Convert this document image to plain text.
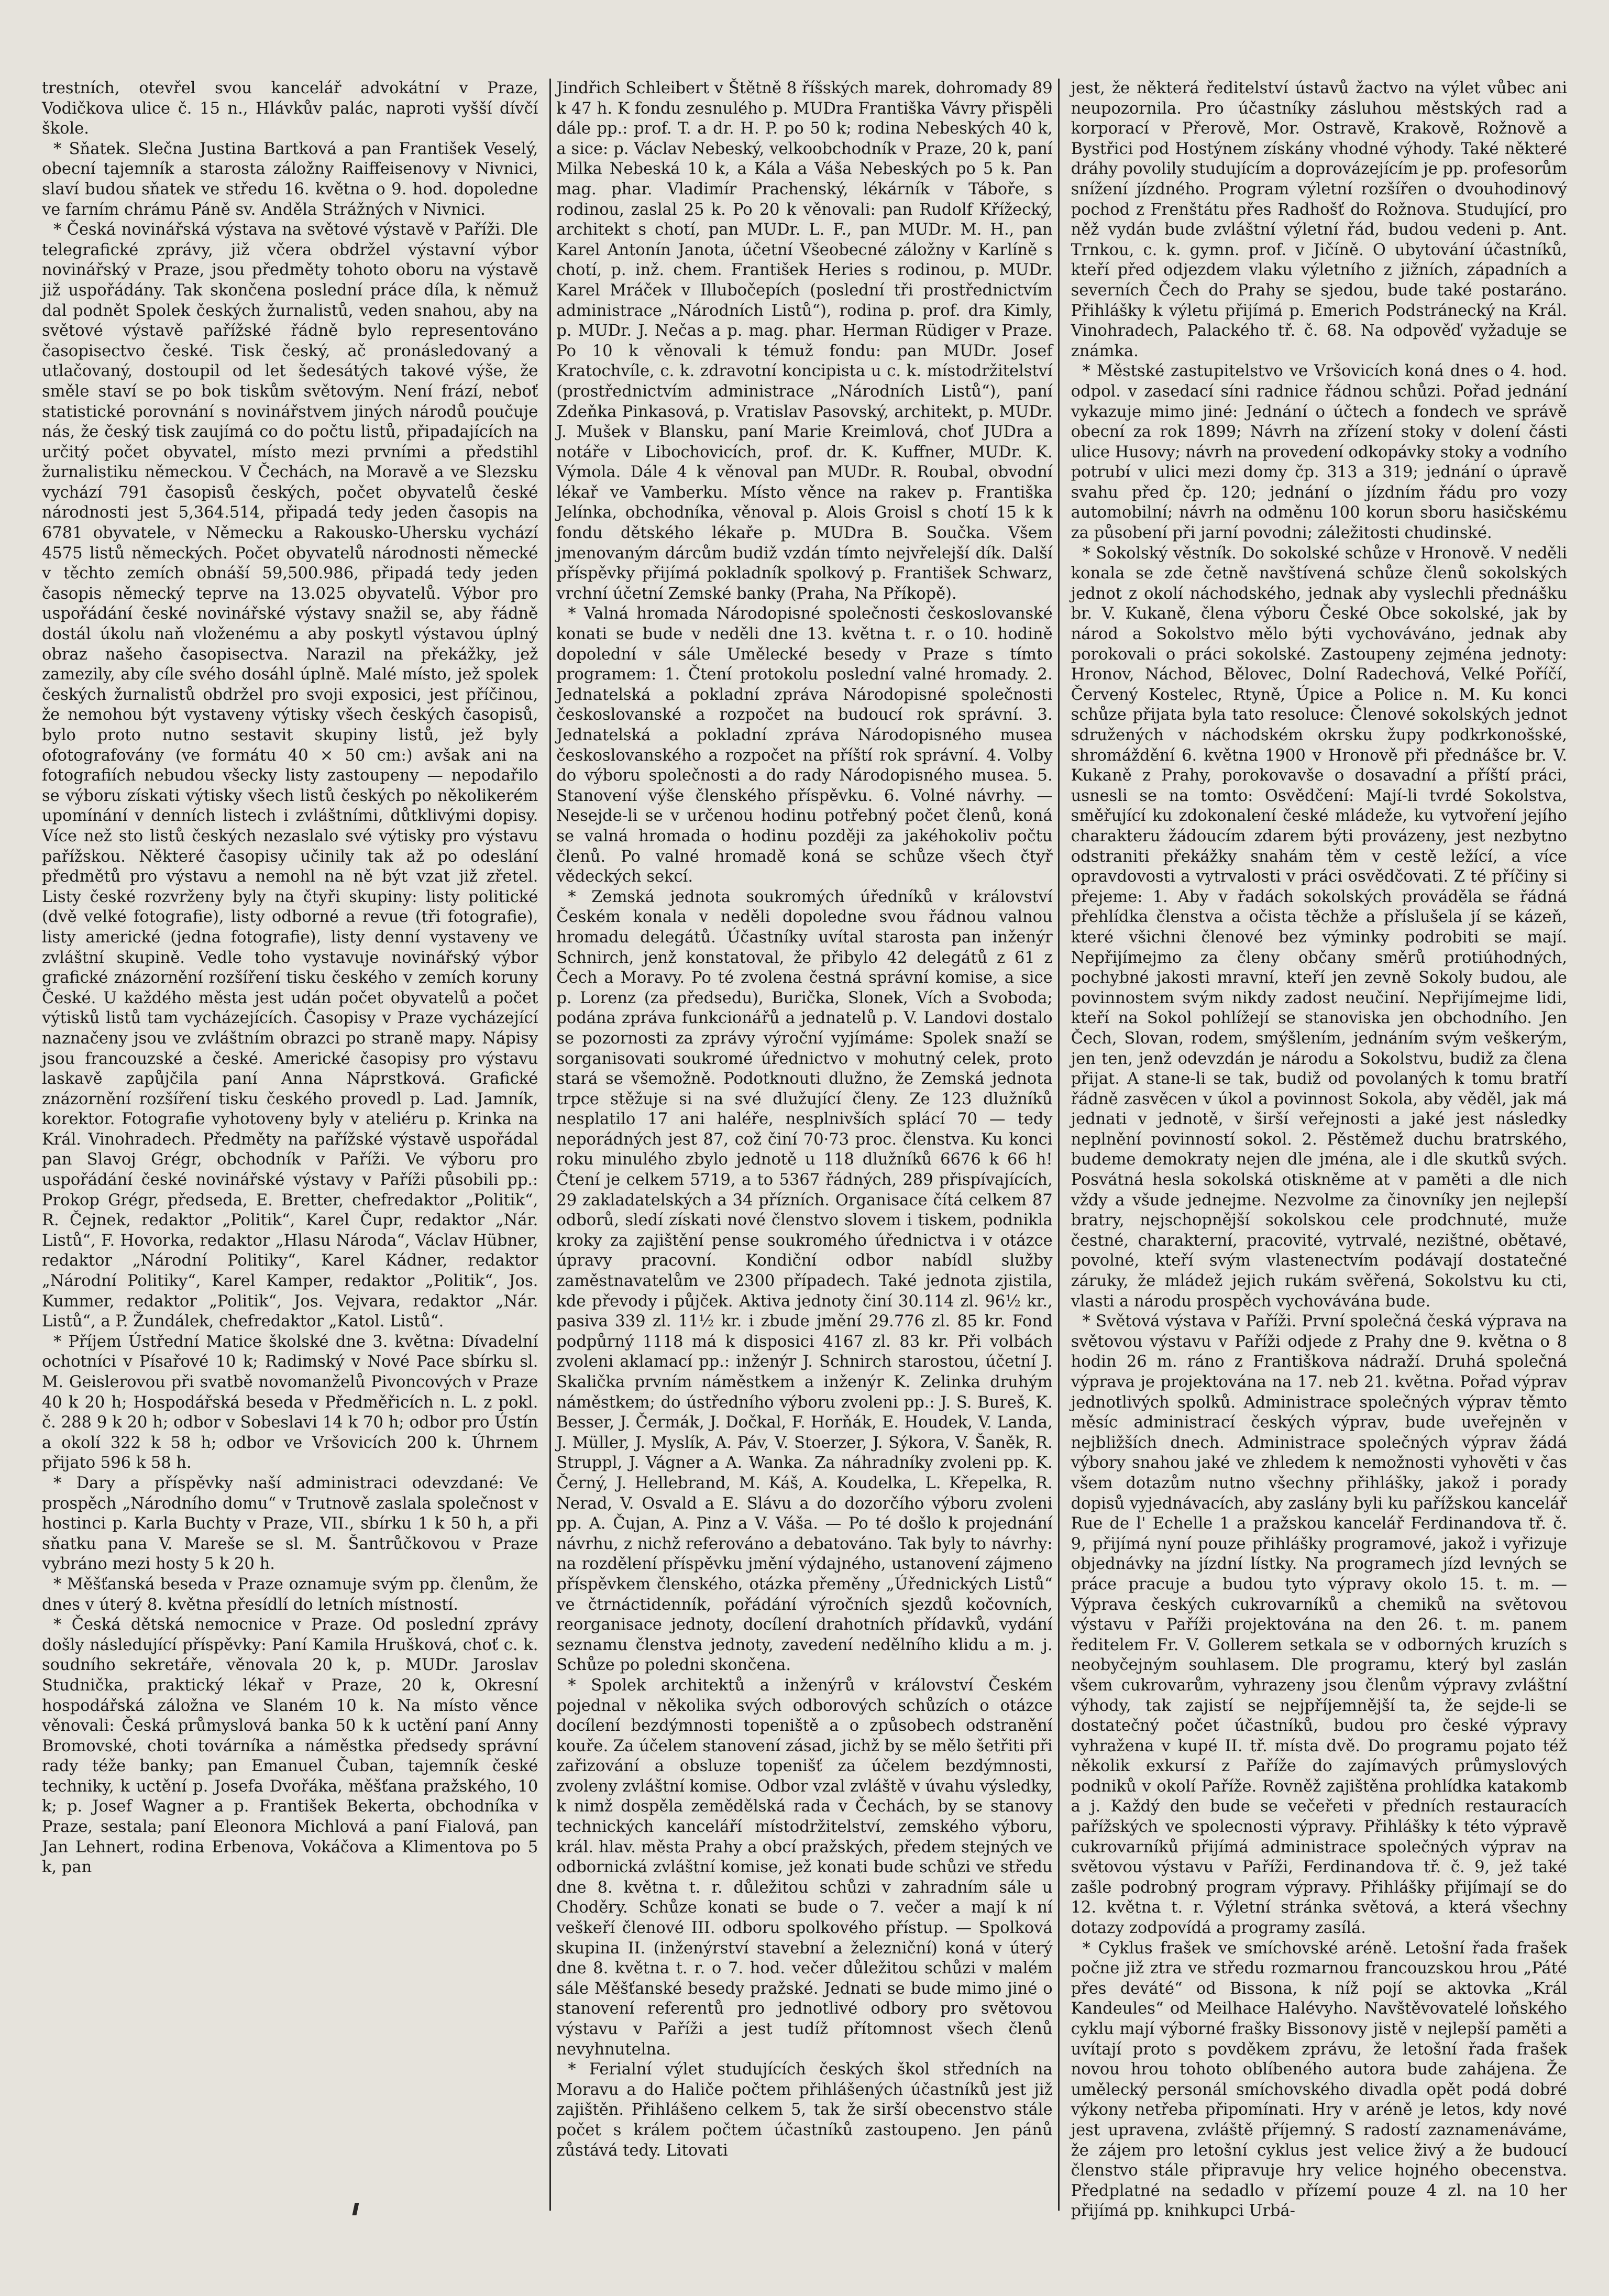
trestních, otevřel svou kancelář advokátní v Praze, Vodičkova ulice č. 15 n., Hlávkův palác, naproti vyšší dívčí škole.

* Sňatek. Slečna Justina Bartková a pan František Veselý, obecní tajemník a starosta záložny Raiffeisenovy v Nivnici, slaví budou sňatek ve středu 16. května o 9. hod. dopoledne ve farním chrámu Páně sv. Anděla Strážných v Nivnici.

* Česká novinářská výstava na světové výstavě v Paříži. Dle telegrafické zprávy, již včera obdržel výstavní výbor novinářský v Praze, jsou předměty tohoto oboru na výstavě již uspořádány. Tak skončena poslední práce díla, k němuž dal podnět Spolek českých žurnalistů, veden snahou, aby na světové výstavě pařížské řádně bylo representováno časopisectvo české. Tisk český, ač pronásledovaný a utlačovaný, dostoupil od let šedesátých takové výše, že směle staví se po bok tiskům světovým. Není frází, neboť statistické porovnání s novinářstvem jiných národů poučuje nás, že český tisk zaujímá co do počtu listů, připadajících na určitý počet obyvatel, místo mezi prvními a předstihl žurnalistiku německou. V Čechách, na Moravě a ve Slezsku vychází 791 časopisů českých, počet obyvatelů české národnosti jest 5,364.514, připadá tedy jeden časopis na 6781 obyvatele, v Německu a Rakousko-Uhersku vychází 4575 listů německých. Počet obyvatelů národnosti německé v těchto zemích obnáší 59,500.986, připadá tedy jeden časopis německý teprve na 13.025 obyvatelů. Výbor pro uspořádání české novinářské výstavy snažil se, aby řádně dostál úkolu naň vloženému a aby poskytl výstavou úplný obraz našeho časopisectva. Narazil na překážky, jež zamezily, aby cíle svého dosáhl úplně. Malé místo, jež spolek českých žurnalistů obdržel pro svoji exposici, jest příčinou, že nemohou být vystaveny výtisky všech českých časopisů, bylo proto nutno sestavit skupiny listů, jež byly ofotografovány (ve formátu 40 × 50 cm:) avšak ani na fotografiích nebudou všecky listy zastoupeny — nepodařilo se výboru získati výtisky všech listů českých po několikerém upomínání v denních listech i zvláštními, důtklivými dopisy. Více než sto listů českých nezaslalo své výtisky pro výstavu pařížskou. Některé časopisy učinily tak až po odeslání předmětů pro výstavu a nemohl na ně být vzat již zřetel. Listy české rozvrženy byly na čtyři skupiny: listy politické (dvě velké fotografie), listy odborné a revue (tři fotografie), listy americké (jedna fotografie), listy denní vystaveny ve zvláštní skupině. Vedle toho vystavuje novinářský výbor grafické znázornění rozšíření tisku českého v zemích koruny České. U každého města jest udán počet obyvatelů a počet výtisků listů tam vycházejících. Časopisy v Praze vycházející naznačeny jsou ve zvláštním obrazci po straně mapy. Nápisy jsou francouzské a české. Americké časopisy pro výstavu laskavě zapůjčila paní Anna Náprstková. Grafické znázornění rozšíření tisku českého provedl p. Lad. Jamník, korektor. Fotografie vyhotoveny byly v ateliéru p. Krinka na Král. Vinohradech. Předměty na pařížské výstavě uspořádal pan Slavoj Grégr, obchodník v Paříži. Ve výboru pro uspořádání české novinářské výstavy v Paříži působili pp.: Prokop Grégr, předseda, E. Bretter, chefredaktor „Politik“, R. Čejnek, redaktor „Politik“, Karel Čupr, redaktor „Nár. Listů“, F. Hovorka, redaktor „Hlasu Národa“, Václav Hübner, redaktor „Národní Politiky“, Karel Kádner, redaktor „Národní Politiky“, Karel Kamper, redaktor „Politik“, Jos. Kummer, redaktor „Politik“, Jos. Vejvara, redaktor „Nár. Listů“, a P. Žundálek, chefredaktor „Katol. Listů“.

* Příjem Ústřední Matice školské dne 3. května: Dívadelní ochotníci v Písařové 10 k; Radimský v Nové Pace sbírku sl. M. Geislerovou při svatbě novomanželů Pivoncových v Praze 40 k 20 h; Hospodářská beseda v Předměřicích n. L. z pokl. č. 288 9 k 20 h; odbor v Sobeslavi 14 k 70 h; odbor pro Ústín a okolí 322 k 58 h; odbor ve Vršovicích 200 k. Úhrnem přijato 596 k 58 h.

* Dary a příspěvky naší administraci odevzdané: Ve prospěch „Národního domu“ v Trutnově zaslala společnost v hostinci p. Karla Buchty v Praze, VII., sbírku 1 k 50 h, a při sňatku pana V. Mareše se sl. M. Šantrůčkovou v Praze vybráno mezi hosty 5 k 20 h.

* Měšťanská beseda v Praze oznamuje svým pp. členům, že dnes v úterý 8. května přesídlí do letních místností.

* Česká dětská nemocnice v Praze. Od poslední zprávy došly následující příspěvky: Paní Kamila Hrušková, choť c. k. soudního sekretáře, věnovala 20 k, p. MUDr. Jaroslav Studnička, praktický lékař v Praze, 20 k, Okresní hospodářská záložna ve Slaném 10 k. Na místo věnce věnovali: Česká průmyslová banka 50 k k uctění paní Anny Bromovské, choti továrníka a náměstka předsedy správní rady téže banky; pan Emanuel Čuban, tajemník české techniky, k uctění p. Josefa Dvořáka, měšťana pražského, 10 k; p. Josef Wagner a p. František Bekerta, obchodníka v Praze, sestala; paní Eleonora Michlová a paní Fialová, pan Jan Lehnert, rodina Erbenova, Vokáčova a Klimentova po 5 k, pan

Jindřich Schleibert v Štětně 8 říšských marek, dohromady 89 k 47 h. K fondu zesnulého p. MUDra Františka Vávry přispěli dále pp.: prof. T. a dr. H. P. po 50 k; rodina Nebeských 40 k, a sice: p. Václav Nebeský, velkoobchodník v Praze, 20 k, paní Milka Nebeská 10 k, a Kála a Váša Nebeských po 5 k. Pan mag. phar. Vladimír Prachenský, lékárník v Táboře, s rodinou, zaslal 25 k. Po 20 k věnovali: pan Rudolf Křížecký, architekt s chotí, pan MUDr. L. F., pan MUDr. M. H., pan Karel Antonín Janota, účetní Všeobecné záložny v Karlíně s chotí, p. inž. chem. František Heries s rodinou, p. MUDr. Karel Mráček v Illubočepích (poslední tři prostřednictvím administrace „Národních Listů“), rodina p. prof. dra Kimly, p. MUDr. J. Nečas a p. mag. phar. Herman Rüdiger v Praze. Po 10 k věnovali k témuž fondu: pan MUDr. Josef Kratochvíle, c. k. zdravotní koncipista u c. k. místodržitelství (prostřednictvím administrace „Národních Listů“), paní Zdeňka Pinkasová, p. Vratislav Pasovský, architekt, p. MUDr. J. Mušek v Blansku, paní Marie Kreimlová, choť JUDra a notáře v Libochovicích, prof. dr. K. Kuffner, MUDr. K. Výmola. Dále 4 k věnoval pan MUDr. R. Roubal, obvodní lékař ve Vamberku. Místo věnce na rakev p. Františka Jelínka, obchodníka, věnoval p. Alois Groisl s chotí 15 k k fondu dětského lékaře p. MUDra B. Součka. Všem jmenovaným dárcům budiž vzdán tímto nejvřelejší dík. Další příspěvky přijímá pokladník spolkový p. František Schwarz, vrchní účetní Zemské banky (Praha, Na Příkopě).

* Valná hromada Národopisné společnosti českoslovanské konati se bude v neděli dne 13. května t. r. o 10. hodině dopolední v sále Umělecké besedy v Praze s tímto programem: 1. Čtení protokolu poslední valné hromady. 2. Jednatelská a pokladní zpráva Národopisné společnosti českoslovanské a rozpočet na budoucí rok správní. 3. Jednatelská a pokladní zpráva Národopisného musea českoslovanského a rozpočet na příští rok správní. 4. Volby do výboru společnosti a do rady Národopisného musea. 5. Stanovení výše členského příspěvku. 6. Volné návrhy. — Nesejde-li se v určenou hodinu potřebný počet členů, koná se valná hromada o hodinu později za jakéhokoliv počtu členů. Po valné hromadě koná se schůze všech čtyř vědeckých sekcí.

* Zemská jednota soukromých úředníků v království Českém konala v neděli dopoledne svou řádnou valnou hromadu delegátů. Účastníky uvítal starosta pan inženýr Schnirch, jenž konstatoval, že přibylo 42 delegátů z 61 z Čech a Moravy. Po té zvolena čestná správní komise, a sice p. Lorenz (za předsedu), Burička, Slonek, Vích a Svoboda; podána zpráva funkcionářů a jednatelů p. V. Landovi dostalo se pozornosti za zprávy výroční vyjímáme: Spolek snaží se sorganisovati soukromé úřednictvo v mohutný celek, proto stará se všemožně. Podotknouti dlužno, že Zemská jednota trpce stěžuje si na své dlužující členy. Ze 123 dlužníků nesplatilo 17 ani haléře, nesplnivších splácí 70 — tedy neporádných jest 87, což činí 70·73 proc. členstva. Ku konci roku minulého zbylo jednotě u 118 dlužníků 6676 k 66 h! Čtení je celkem 5719, a to 5367 řádných, 289 přispívajících, 29 zakladatelských a 34 přízních. Organisace čítá celkem 87 odborů, sledí získati nové členstvo slovem i tiskem, podnikla kroky za zajištění pense soukromého úřednictva i v otázce úpravy pracovní. Kondiční odbor nabídl služby zaměstnavatelům ve 2300 případech. Také jednota zjistila, kde převody i půjček. Aktiva jednoty činí 30.114 zl. 96½ kr., pasiva 339 zl. 11½ kr. i zbude jmění 29.776 zl. 85 kr. Fond podpůrný 1118 má k disposici 4167 zl. 83 kr. Při volbách zvoleni aklamací pp.: inženýr J. Schnirch starostou, účetní J. Skalička prvním náměstkem a inženýr K. Zelinka druhým náměstkem; do ústředního výboru zvoleni pp.: J. S. Bureš, K. Besser, J. Čermák, J. Dočkal, F. Horňák, E. Houdek, V. Landa, J. Müller, J. Myslík, A. Páv, V. Stoerzer, J. Sýkora, V. Šaněk, R. Struppl, J. Vágner a A. Wanka. Za náhradníky zvoleni pp. K. Černý, J. Hellebrand, M. Káš, A. Koudelka, L. Křepelka, R. Nerad, V. Osvald a E. Slávu a do dozorčího výboru zvoleni pp. A. Čujan, A. Pinz a V. Váša. — Po té došlo k projednání návrhu, z nichž referováno a debatováno. Tak byly to návrhy: na rozdělení příspěvku jmění výdajného, ustanovení zájmeno příspěvkem členského, otázka přeměny „Úřednických Listů“ ve čtrnáctidenník, pořádání výročních sjezdů kočovních, reorganisace jednoty, docílení drahotních přídavků, vydání seznamu členstva jednoty, zavedení nedělního klidu a m. j. Schůze po poledni skončena.

* Spolek architektů a inženýrů v království Českém pojednal v několika svých odborových schůzích o otázce docílení bezdýmnosti topeniště a o způsobech odstranění kouře. Za účelem stanovení zásad, jichž by se mělo šetřiti při zařizování a obsluze topenišť za účelem bezdýmnosti, zvoleny zvláštní komise. Odbor vzal zvláště v úvahu výsledky, k nimž dospěla zemědělská rada v Čechách, by se stanovy technických kanceláří místodržitelství, zemského výboru, král. hlav. města Prahy a obcí pražských, předem stejných ve odbornická zvláštní komise, jež konati bude schůzi ve středu dne 8. května t. r. důležitou schůzi v zahradním sále u Choděry. Schůze konati se bude o 7. večer a mají k ní veškeří členové III. odboru spolkového přístup. — Spolková skupina II. (inženýrství stavební a železniční) koná v úterý dne 8. května t. r. o 7. hod. večer důležitou schůzi v malém sále Měšťanské besedy pražské. Jednati se bude mimo jiné o stanovení referentů pro jednotlivé odbory pro světovou výstavu v Paříži a jest tudíž přítomnost všech členů nevyhnutelna.

* Ferialní výlet studujících českých škol středních na Moravu a do Haliče počtem přihlášených účastníků jest již zajištěn. Přihlášeno celkem 5, tak že sirší obecenstvo stále počet s králem počtem účastníků zastoupeno. Jen pánů zůstává tedy. Litovati

jest, že některá ředitelství ústavů žactvo na výlet vůbec ani neupozornila. Pro účastníky zásluhou městských rad a korporací v Přerově, Mor. Ostravě, Krakově, Rožnově a Bystřici pod Hostýnem získány vhodné výhody. Také některé dráhy povolily studujícím a doprovázejícím je pp. profesorům snížení jízdného. Program výletní rozšířen o dvouhodinový pochod z Frenštátu přes Radhošť do Rožnova. Studující, pro něž vydán bude zvláštní výletní řád, budou vedeni p. Ant. Trnkou, c. k. gymn. prof. v Jičíně. O ubytování účastníků, kteří před odjezdem vlaku výletního z jižních, západních a severních Čech do Prahy se sjedou, bude také postaráno. Přihlášky k výletu přijímá p. Emerich Podstránecký na Král. Vinohradech, Palackého tř. č. 68. Na odpověď vyžaduje se známka.

* Městské zastupitelstvo ve Vršovicích koná dnes o 4. hod. odpol. v zasedací síni radnice řádnou schůzi. Pořad jednání vykazuje mimo jiné: Jednání o účtech a fondech ve správě obecní za rok 1899; Návrh na zřízení stoky v dolení části ulice Husovy; návrh na provedení odkopávky stoky a vodního potrubí v ulici mezi domy čp. 313 a 319; jednání o úpravě svahu před čp. 120; jednání o jízdním řádu pro vozy automobilní; návrh na odměnu 100 korun sboru hasičskému za působení při jarní povodni; záležitosti chudinské.

* Sokolský věstník. Do sokolské schůze v Hronově. V neděli konala se zde četně navštívená schůze členů sokolských jednot z okolí náchodského, jednak aby vyslechli přednášku br. V. Kukaně, člena výboru České Obce sokolské, jak by národ a Sokolstvo mělo býti vychováváno, jednak aby porokovali o práci sokolské. Zastoupeny zejména jednoty: Hronov, Náchod, Bělovec, Dolní Radechová, Velké Poříčí, Červený Kostelec, Rtyně, Úpice a Police n. M. Ku konci schůze přijata byla tato resoluce: Členové sokolských jednot sdružených v náchodském okrsku župy podkrkonošské, shromáždění 6. května 1900 v Hronově při přednášce br. V. Kukaně z Prahy, porokovavše o dosavadní a příští práci, usnesli se na tomto: Osvědčení: Mají-li tvrdé Sokolstva, směřující ku zdokonalení české mládeže, ku vytvoření jejího charakteru žádoucím zdarem býti provázeny, jest nezbytno odstraniti překážky snahám těm v cestě ležící, a více opravdovosti a vytrvalosti v práci osvědčovati. Z té příčiny si přejeme: 1. Aby v řadách sokolských prováděla se řádná přehlídka členstva a očista těchže a příslušela jí se kázeň, které všichni členové bez výminky podrobiti se mají. Nepřijímejmo za členy občany směrů protiúhodných, pochybné jakosti mravní, kteří jen zevně Sokoly budou, ale povinnostem svým nikdy zadost neučiní. Nepřijímejme lidi, kteří na Sokol pohlížejí se stanoviska jen obchodního. Jen Čech, Slovan, rodem, smýšlením, jednáním svým veškerým, jen ten, jenž odevzdán je národu a Sokolstvu, budiž za člena přijat. A stane-li se tak, budiž od povolaných k tomu bratří řádně zasvěcen v úkol a povinnost Sokola, aby věděl, jak má jednati v jednotě, v širší veřejnosti a jaké jest následky neplnění povinností sokol. 2. Pěstěmež duchu bratrského, budeme demokraty nejen dle jména, ale i dle skutků svých. Posvátná hesla sokolská otiskněme at v paměti a dle nich vždy a všude jednejme. Nezvolme za činovníky jen nejlepší bratry, nejschopnější sokolskou cele prodchnuté, muže čestné, charakterní, pracovité, vytrvalé, nezištné, obětavé, povolné, kteří svým vlastenectvím podávají dostatečné záruky, že mládež jejich rukám svěřená, Sokolstvu ku cti, vlasti a národu prospěch vychovávána bude.

* Světová výstava v Paříži. První společná česká výprava na světovou výstavu v Paříži odjede z Prahy dne 9. května o 8 hodin 26 m. ráno z Františkova nádraží. Druhá společná výprava je projektována na 17. neb 21. května. Pořad výprav jednotlivých spolků. Administrace společných výprav těmto měsíc administrací českých výprav, bude uveřejněn v nejbližších dnech. Administrace společných výprav žádá výbory snahou jaké ve zhledem k nemožnosti vyhověti v čas všem dotazům nutno všechny přihlášky, jakož i porady dopisů vyjednávacích, aby zaslány byli ku pařížskou kancelář Rue de l' Echelle 1 a pražskou kancelář Ferdinandova tř. č. 9, přijímá nyní pouze přihlášky programové, jakož i vyřizuje objednávky na jízdní lístky. Na programech jízd levných se práce pracuje a budou tyto výpravy okolo 15. t. m. — Výprava českých cukrovarníků a chemiků na světovou výstavu v Paříži projektována na den 26. t. m. panem ředitelem Fr. V. Gollerem setkala se v odborných kruzích s neobyčejným souhlasem. Dle programu, který byl zaslán všem cukrovarům, vyhrazeny jsou členům výpravy zvláštní výhody, tak zajistí se nejpříjemnější ta, že sejde-li se dostatečný počet účastníků, budou pro české výpravy vyhražena v kupé II. tř. místa dvě. Do programu pojato též několik exkursí z Paříže do zajímavých průmyslových podniků v okolí Paříže. Rovněž zajištěna prohlídka katakomb a j. Každý den bude se večeřeti v předních restauracích pařížských ve spolecnosti výpravy. Přihlášky k této výpravě cukrovarníků přijímá administrace společných výprav na světovou výstavu v Paříži, Ferdinandova tř. č. 9, jež také zašle podrobný program výpravy. Přihlášky přijímají se do 12. května t. r. Výletní stránka světová, a která všechny dotazy zodpovídá a programy zasílá.

* Cyklus frašek ve smíchovské aréně. Letošní řada frašek počne již ztra ve středu rozmarnou francouzskou hrou „Páté přes deváté“ od Bissona, k níž pojí se aktovka „Král Kandeules“ od Meilhace Halévyho. Navštěvovatelé loňského cyklu mají výborné frašky Bissonovy jistě v nejlepší paměti a uvítají proto s povděkem zprávu, že letošní řada frašek novou hrou tohoto oblíbeného autora bude zahájena. Že umělecký personál smíchovského divadla opět podá dobré výkony netřeba připomínati. Hry v aréně je letos, kdy nové jest upravena, zvláště příjemný. S radostí zaznamenáváme, že zájem pro letošní cyklus jest velice živý a že budoucí členstvo stále připravuje hry velice hojného obecenstva. Předplatné na sedadlo v přízemí pouze 4 zl. na 10 her přijímá pp. knihkupci Urbá-
